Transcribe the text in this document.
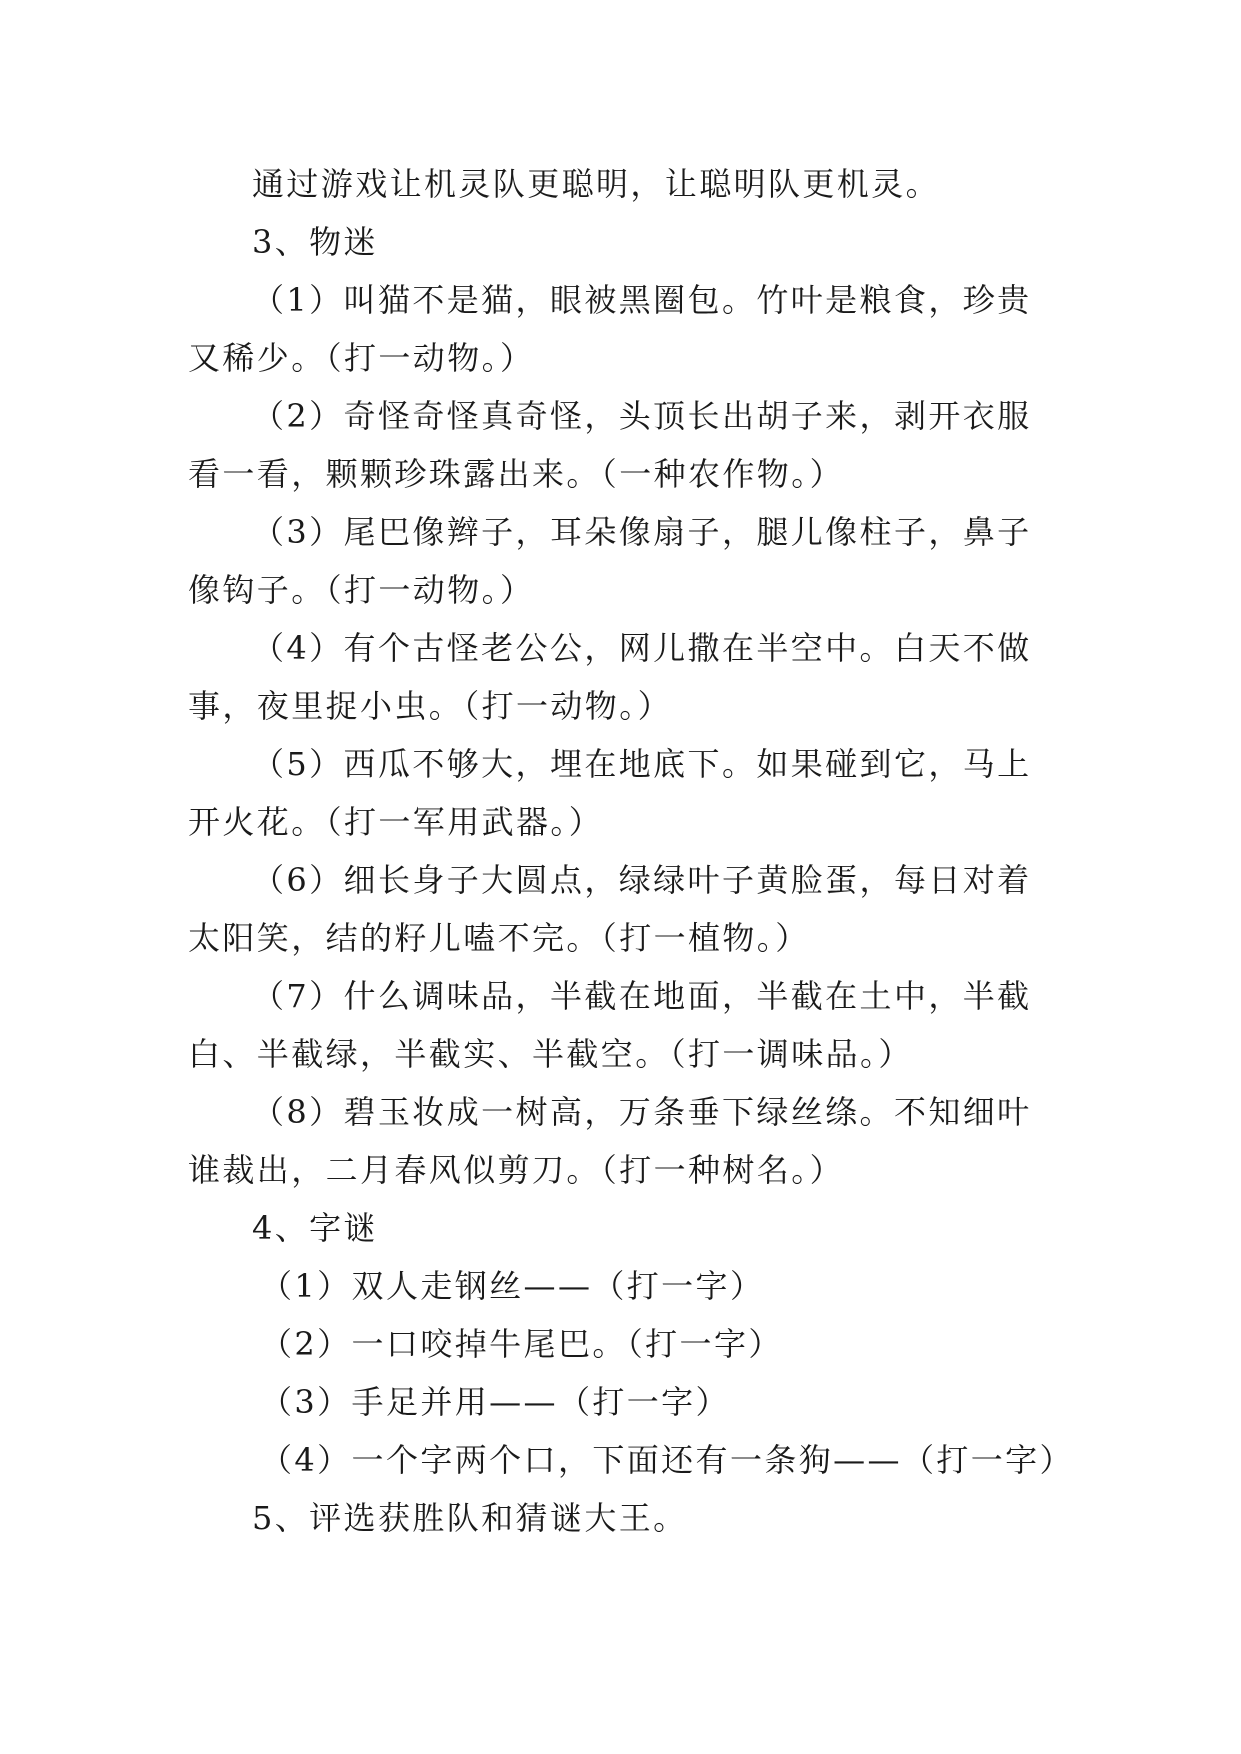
通过游戏让机灵队更聪明，让聪明队更机灵。

3、物迷

（1）叫猫不是猫，眼被黑圈包。竹叶是粮食，珍贵又稀少。（打一动物。）

（2）奇怪奇怪真奇怪，头顶长出胡子来，剥开衣服看一看，颗颗珍珠露出来。（一种农作物。）

（3）尾巴像辫子，耳朵像扇子，腿儿像柱子，鼻子像钩子。（打一动物。）

（4）有个古怪老公公，网儿撒在半空中。白天不做事，夜里捉小虫。（打一动物。）

（5）西瓜不够大，埋在地底下。如果碰到它，马上开火花。（打一军用武器。）

（6）细长身子大圆点，绿绿叶子黄脸蛋，每日对着太阳笑，结的籽儿嗑不完。（打一植物。）

（7）什么调味品，半截在地面，半截在土中，半截白、半截绿，半截实、半截空。（打一调味品。）

（8）碧玉妆成一树高，万条垂下绿丝绦。不知细叶谁裁出，二月春风似剪刀。（打一种树名。）

4、字谜

（1）双人走钢丝——（打一字）

（2）一口咬掉牛尾巴。（打一字）

（3）手足并用——（打一字）

（4）一个字两个口，下面还有一条狗——（打一字）

5、评选获胜队和猜谜大王。
